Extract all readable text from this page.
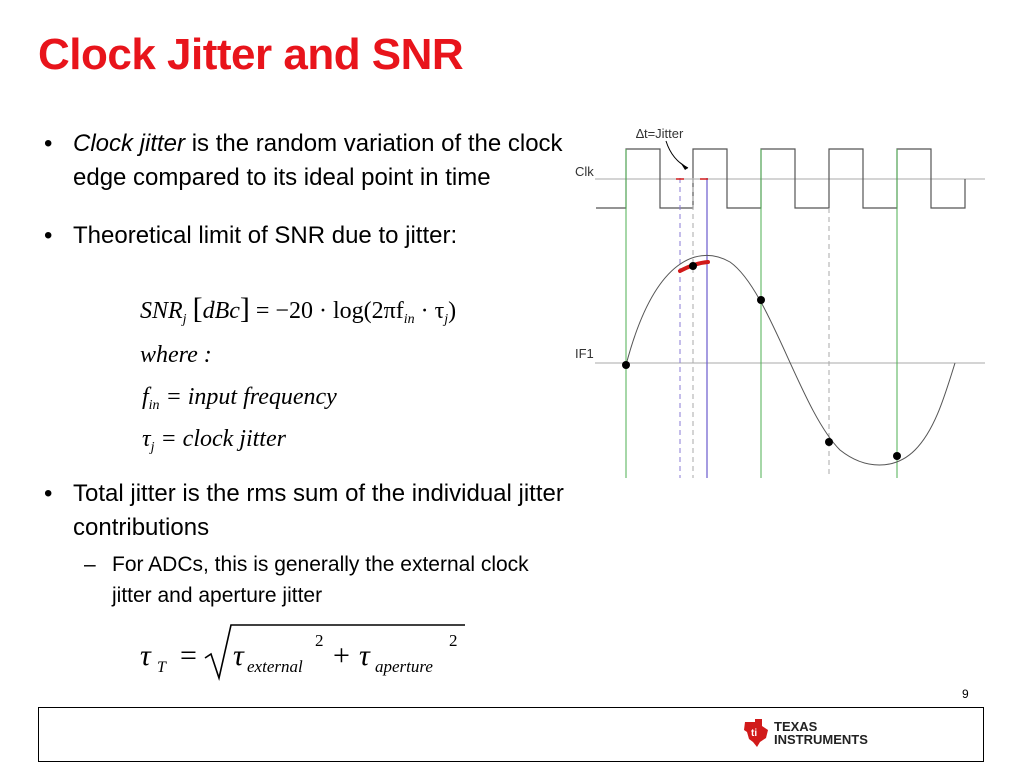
Clock Jitter and SNR
• Clock jitter is the random variation of the clock edge compared to its ideal point in time
• Theoretical limit of SNR due to jitter:
$SNR_j$ $[dBc] = -20 \cdot \log(2\pi f_{in} \cdot \tau_j)$
where :
$f_{in}$ = input frequency
$\tau_j$ = clock jitter
• Total jitter is the rms sum of the individual jitter contributions
– For ADCs, this is generally the external clock jitter and aperture jitter
τ T = τ external
2 + τ aperture
2
∆t=Jitter
Clk
IF1
9
ti TEXAS
INSTRUMENTS
